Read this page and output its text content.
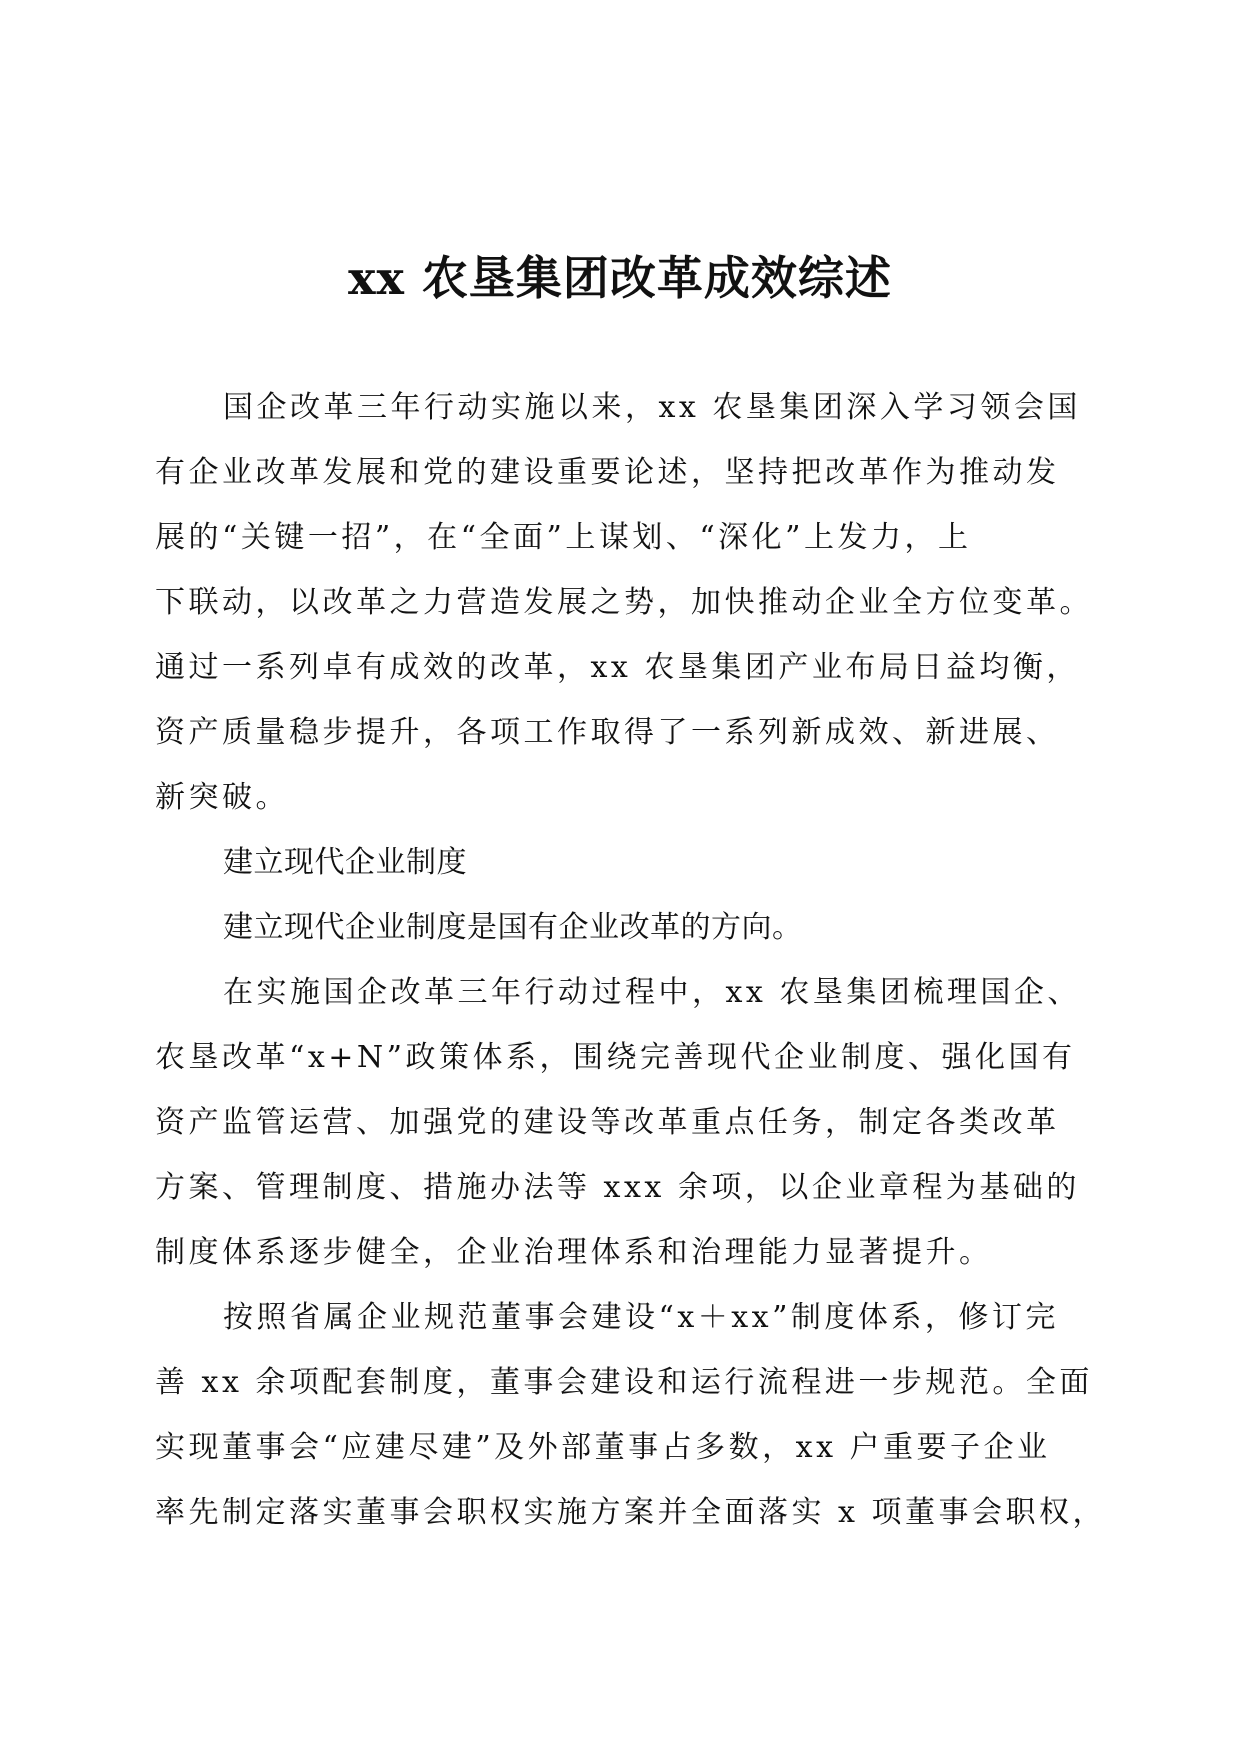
xx 农垦集团改革成效综述
国企改革三年行动实施以来，xx 农垦集团深入学习领会国
有企业改革发展和党的建设重要论述，坚持把改革作为推动发
展的“关键一招”，在“全面”上谋划、“深化”上发力，上
下联动，以改革之力营造发展之势，加快推动企业全方位变革。
通过一系列卓有成效的改革，xx 农垦集团产业布局日益均衡，
资产质量稳步提升，各项工作取得了一系列新成效、新进展、
新突破。
建立现代企业制度
建立现代企业制度是国有企业改革的方向。
在实施国企改革三年行动过程中，xx 农垦集团梳理国企、
农垦改革“x+N”政策体系，围绕完善现代企业制度、强化国有
资产监管运营、加强党的建设等改革重点任务，制定各类改革
方案、管理制度、措施办法等 xxx 余项，以企业章程为基础的
制度体系逐步健全，企业治理体系和治理能力显著提升。
按照省属企业规范董事会建设“x＋xx”制度体系，修订完
善 xx 余项配套制度，董事会建设和运行流程进一步规范。全面
实现董事会“应建尽建”及外部董事占多数，xx 户重要子企业
率先制定落实董事会职权实施方案并全面落实 x 项董事会职权，
